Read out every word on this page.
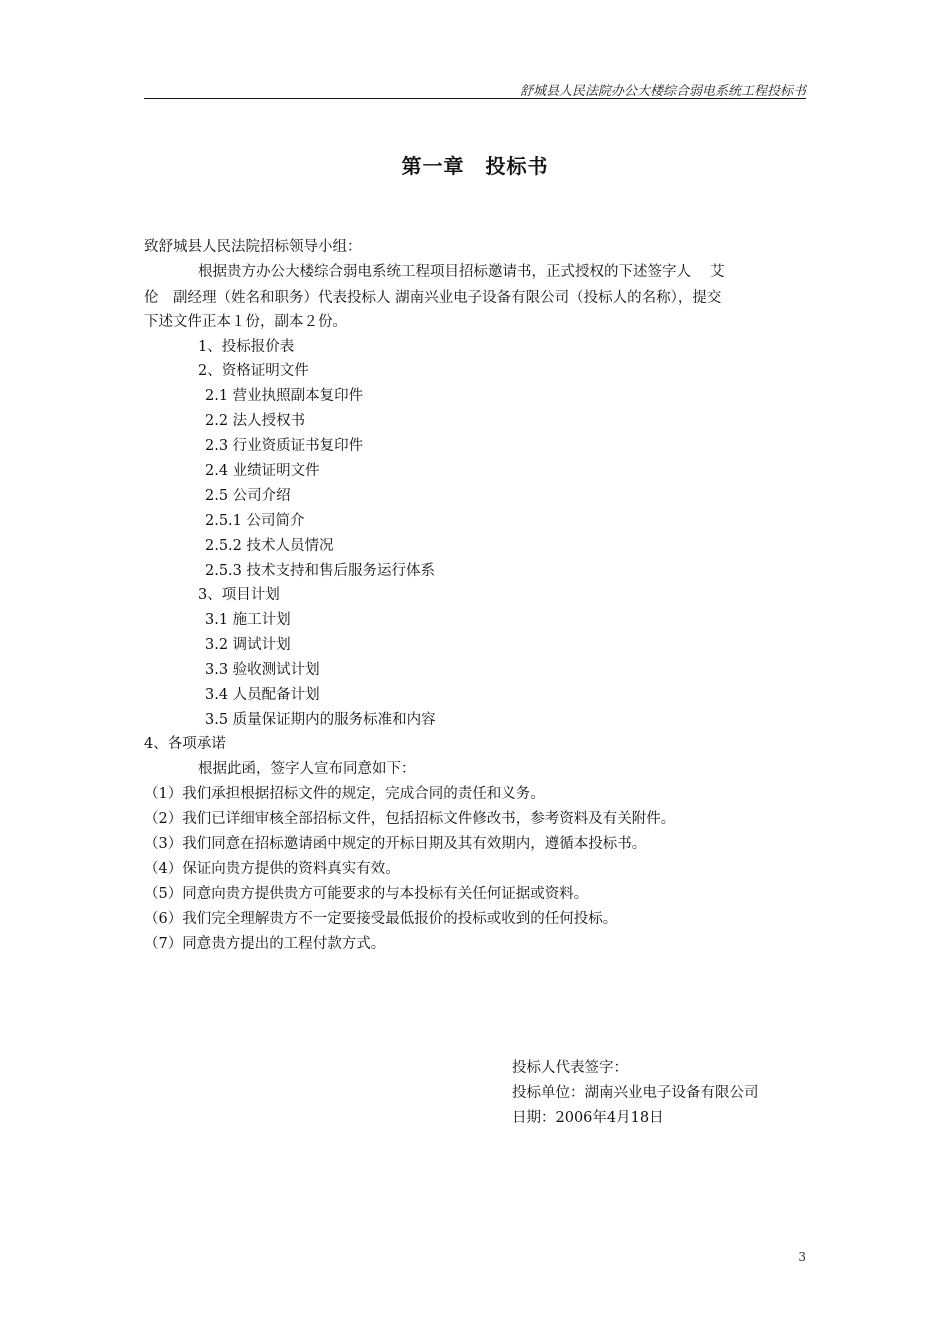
舒城县人民法院办公大楼综合弱电系统工程投标书
第一章　投标书
致舒城县人民法院招标领导小组：
根据贵方办公大楼综合弱电系统工程项目招标邀请书，正式授权的下述签字人　 艾
伦　副经理（姓名和职务）代表投标人 湖南兴业电子设备有限公司（投标人的名称），提交
下述文件正本１份，副本２份。
1、投标报价表
2、资格证明文件
2.1 营业执照副本复印件
2.2 法人授权书
2.3 行业资质证书复印件
2.4 业绩证明文件
2.5 公司介绍
2.5.1 公司简介
2.5.2 技术人员情况
2.5.3 技术支持和售后服务运行体系
3、项目计划
3.1 施工计划
3.2 调试计划
3.3 验收测试计划
3.4 人员配备计划
3.5 质量保证期内的服务标准和内容
4、各项承诺
根据此函，签字人宣布同意如下：
（1）我们承担根据招标文件的规定，完成合同的责任和义务。
（2）我们已详细审核全部招标文件，包括招标文件修改书，参考资料及有关附件。
（3）我们同意在招标邀请函中规定的开标日期及其有效期内，遵循本投标书。
（4）保证向贵方提供的资料真实有效。
（5）同意向贵方提供贵方可能要求的与本投标有关任何证据或资料。
（6）我们完全理解贵方不一定要接受最低报价的投标或收到的任何投标。
（7）同意贵方提出的工程付款方式。
投标人代表签字：
投标单位：湖南兴业电子设备有限公司
日期：2006年4月18日
3
